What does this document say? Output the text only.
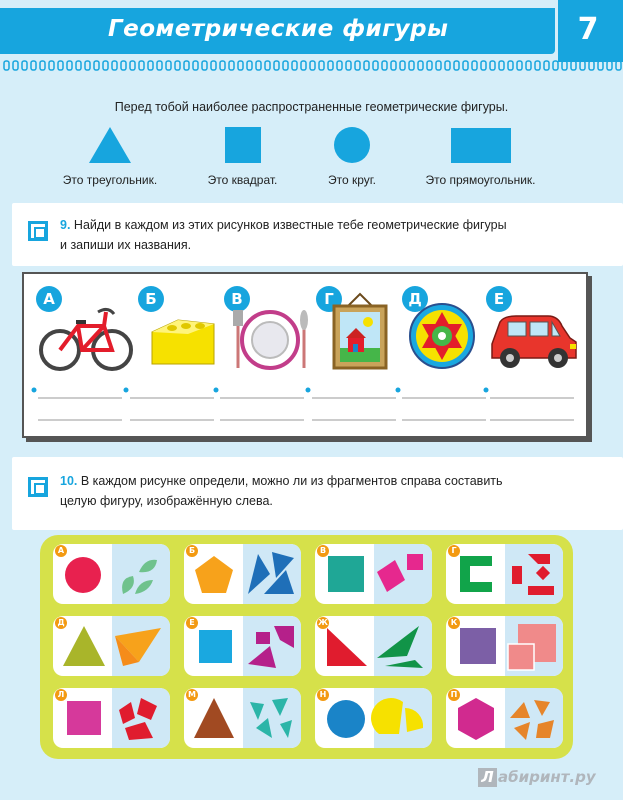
Геометрические фигуры	7
Перед тобой наиболее распространенные геометрические фигуры.
Это треугольник.	Это квадрат.	Это круг.	Это прямоугольник.
9. Найди в каждом из этих рисунков известные тебе геометрические фигуры
и запиши их названия.
А	Б	В	Г	Д	Е
10. В каждом рисунке определи, можно ли из фрагментов справа составить
целую фигуру, изображённую слева.
А	Б	В	Г
Д	Е	Ж	К
Л	М	Н	П
Л абиринт.ру
